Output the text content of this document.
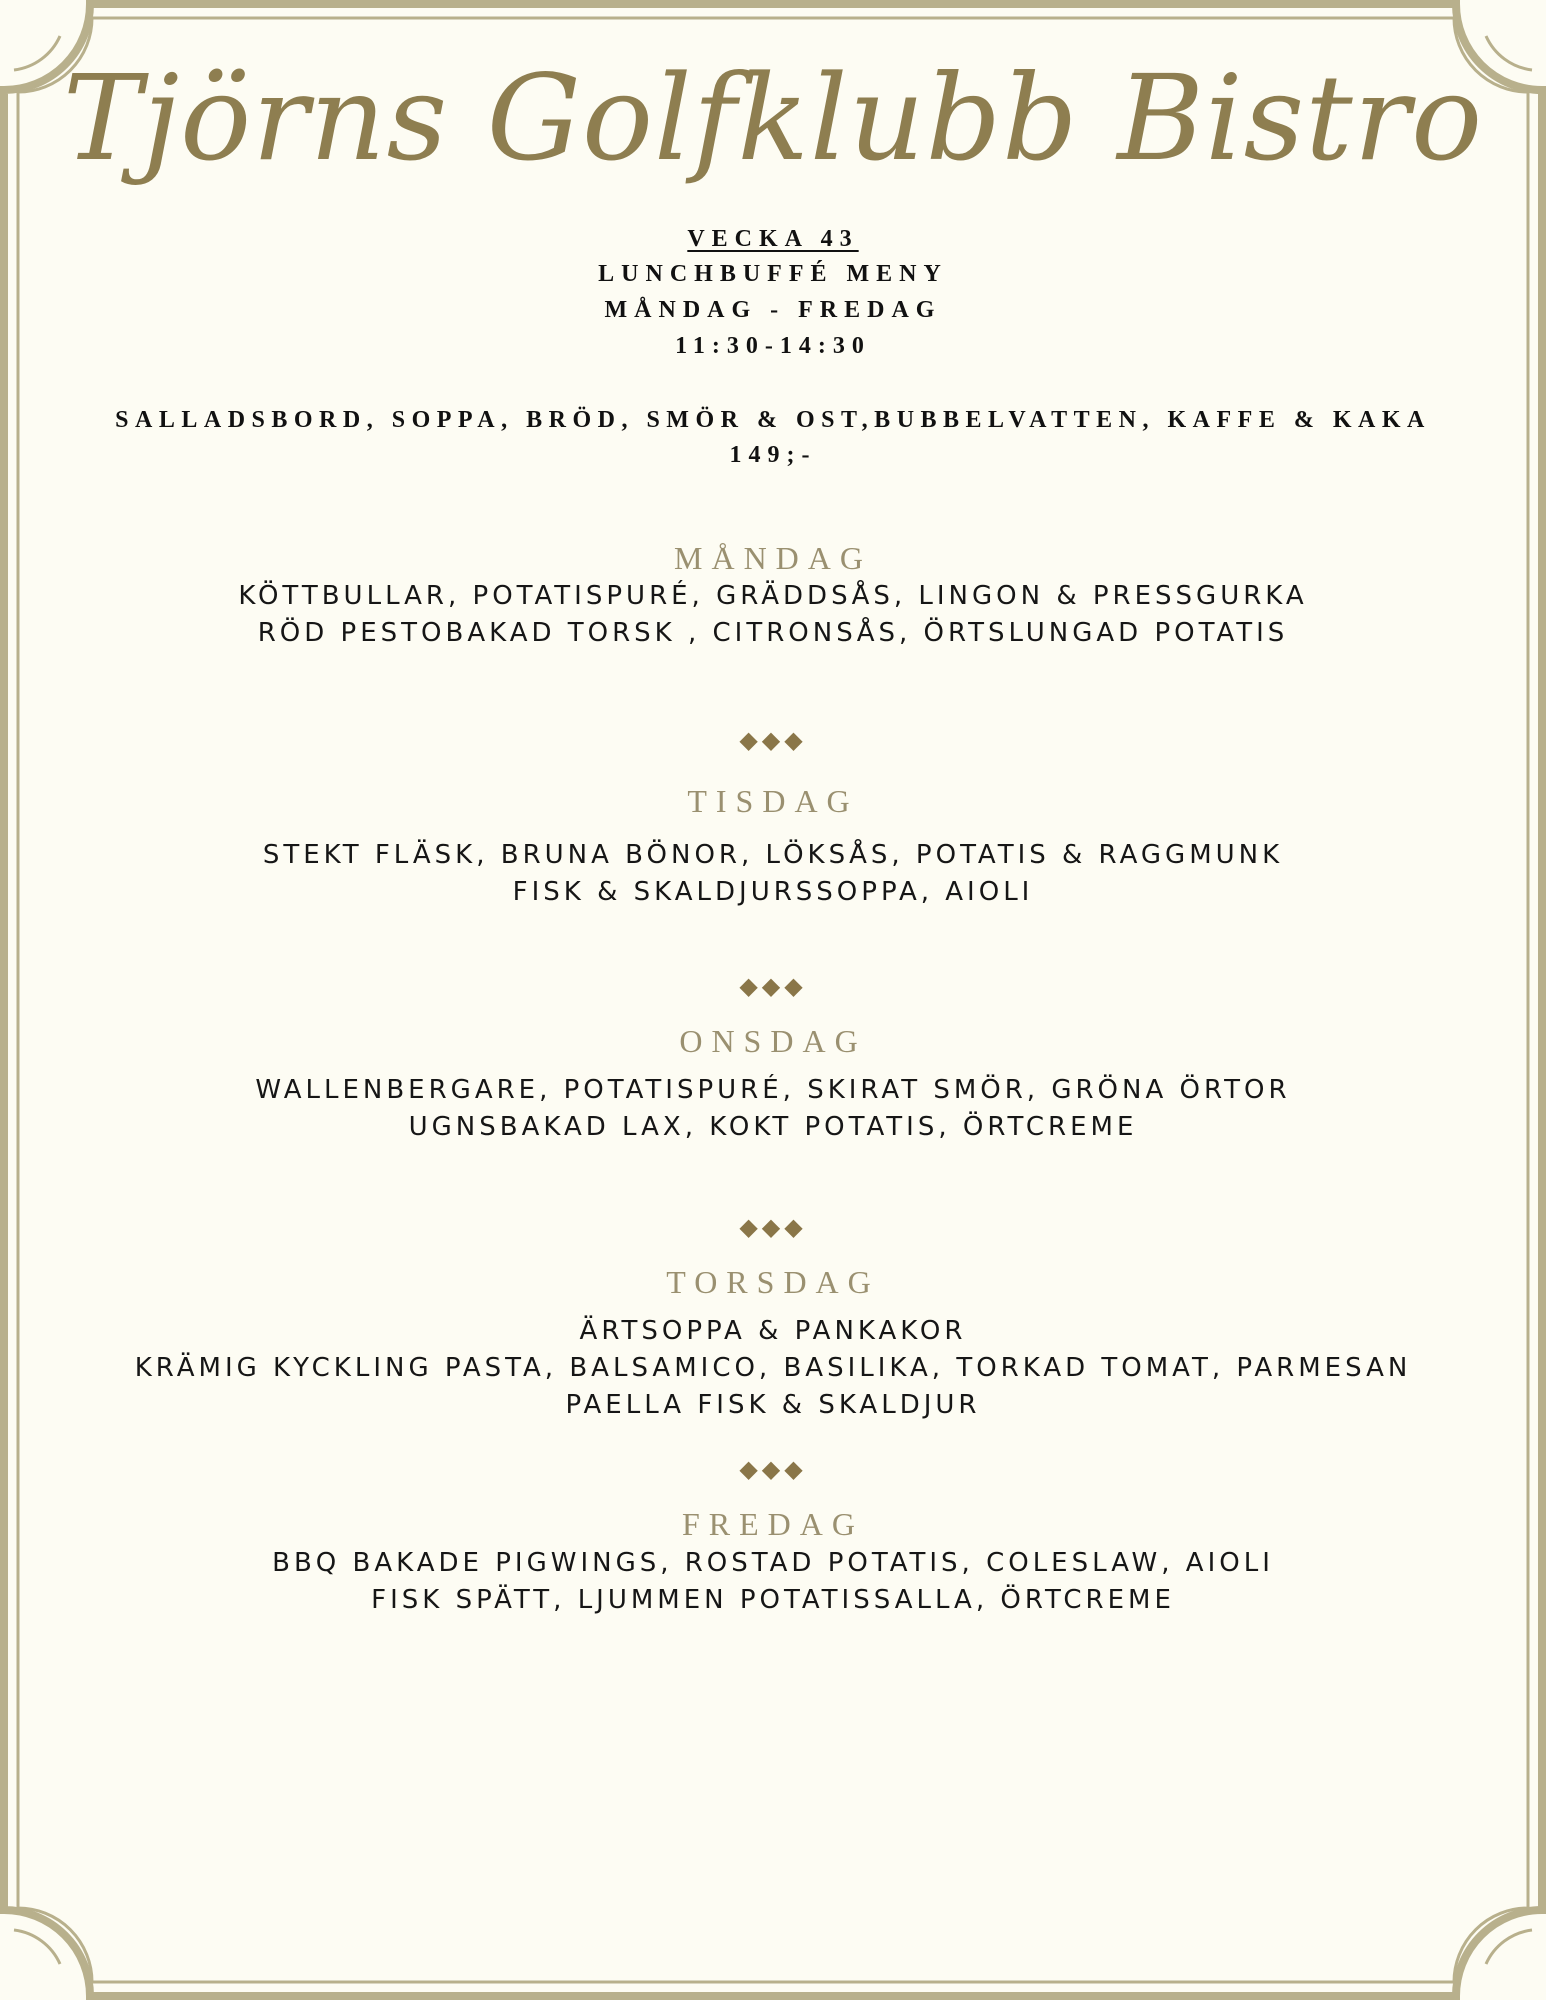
Tjörns Golfklubb Bistro
VECKA 43
LUNCHBUFFÉ MENY
MÅNDAG - FREDAG
11:30-14:30
SALLADSBORD, SOPPA, BRÖD, SMÖR & OST,BUBBELVATTEN, KAFFE & KAKA
149;-
MÅNDAG
KÖTTBULLAR, POTATISPURÉ, GRÄDDSÅS, LINGON & PRESSGURKA
RÖD PESTOBAKAD TORSK , CITRONSÅS, ÖRTSLUNGAD POTATIS
◆◆◆
TISDAG
STEKT FLÄSK, BRUNA BÖNOR, LÖKSÅS, POTATIS & RAGGMUNK
FISK & SKALDJURSSOPPA, AIOLI
◆◆◆
ONSDAG
WALLENBERGARE, POTATISPURÉ, SKIRAT SMÖR, GRÖNA ÖRTOR
UGNSBAKAD LAX, KOKT POTATIS, ÖRTCREME
◆◆◆
TORSDAG
ÄRTSOPPA & PANKAKOR
KRÄMIG KYCKLING PASTA, BALSAMICO, BASILIKA, TORKAD TOMAT, PARMESAN
PAELLA FISK & SKALDJUR
◆◆◆
FREDAG
BBQ BAKADE PIGWINGS, ROSTAD POTATIS, COLESLAW, AIOLI
FISK SPÄTT, LJUMMEN POTATISSALLA, ÖRTCREME
